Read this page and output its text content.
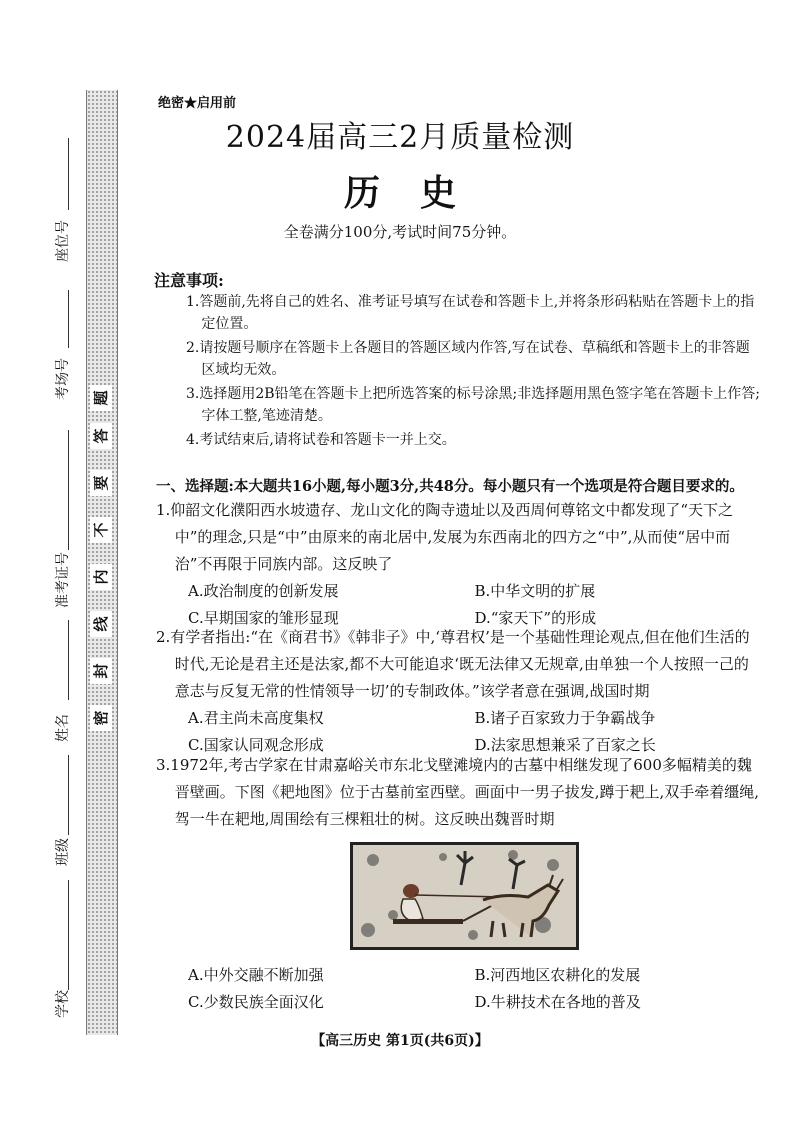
座位号
考场号
准考证号
姓名
班级
学校
密
封
线
内
不
要
答
题
绝密★启用前
2024届高三2月质量检测
历史
全卷满分100分,考试时间75分钟。
注意事项:

1.答题前,先将自己的姓名、准考证号填写在试卷和答题卡上,并将条形码粘贴在答题卡上的指定位置。

2.请按题号顺序在答题卡上各题目的答题区域内作答,写在试卷、草稿纸和答题卡上的非答题区域均无效。

3.选择题用2B铅笔在答题卡上把所选答案的标号涂黑;非选择题用黑色签字笔在答题卡上作答;字体工整,笔迹清楚。

4.考试结束后,请将试卷和答题卡一并上交。

一、选择题:本大题共16小题,每小题3分,共48分。每小题只有一个选项是符合题目要求的。

1.仰韶文化濮阳西水坡遗存、龙山文化的陶寺遗址以及西周何尊铭文中都发现了“天下之中”的理念,只是“中”由原来的南北居中,发展为东西南北的四方之“中”,从而使“居中而治”不再限于同族内部。这反映了

A.政治制度的创新发展	B.中华文明的扩展
C.早期国家的雏形显现	D.“家天下”的形成

2.有学者指出:“在《商君书》《韩非子》中,‘尊君权’是一个基础性理论观点,但在他们生活的时代,无论是君主还是法家,都不大可能追求‘既无法律又无规章,由单独一个人按照一己的意志与反复无常的性情领导一切’的专制政体。”该学者意在强调,战国时期

A.君主尚未高度集权	B.诸子百家致力于争霸战争
C.国家认同观念形成	D.法家思想兼采了百家之长

3.1972年,考古学家在甘肃嘉峪关市东北戈壁滩境内的古墓中相继发现了600多幅精美的魏晋壁画。下图《耙地图》位于古墓前室西壁。画面中一男子拔发,蹲于耙上,双手牵着缰绳,驾一牛在耙地,周围绘有三棵粗壮的树。这反映出魏晋时期

A.中外交融不断加强	B.河西地区农耕化的发展
C.少数民族全面汉化	D.牛耕技术在各地的普及
【高三历史 第1页(共6页)】
